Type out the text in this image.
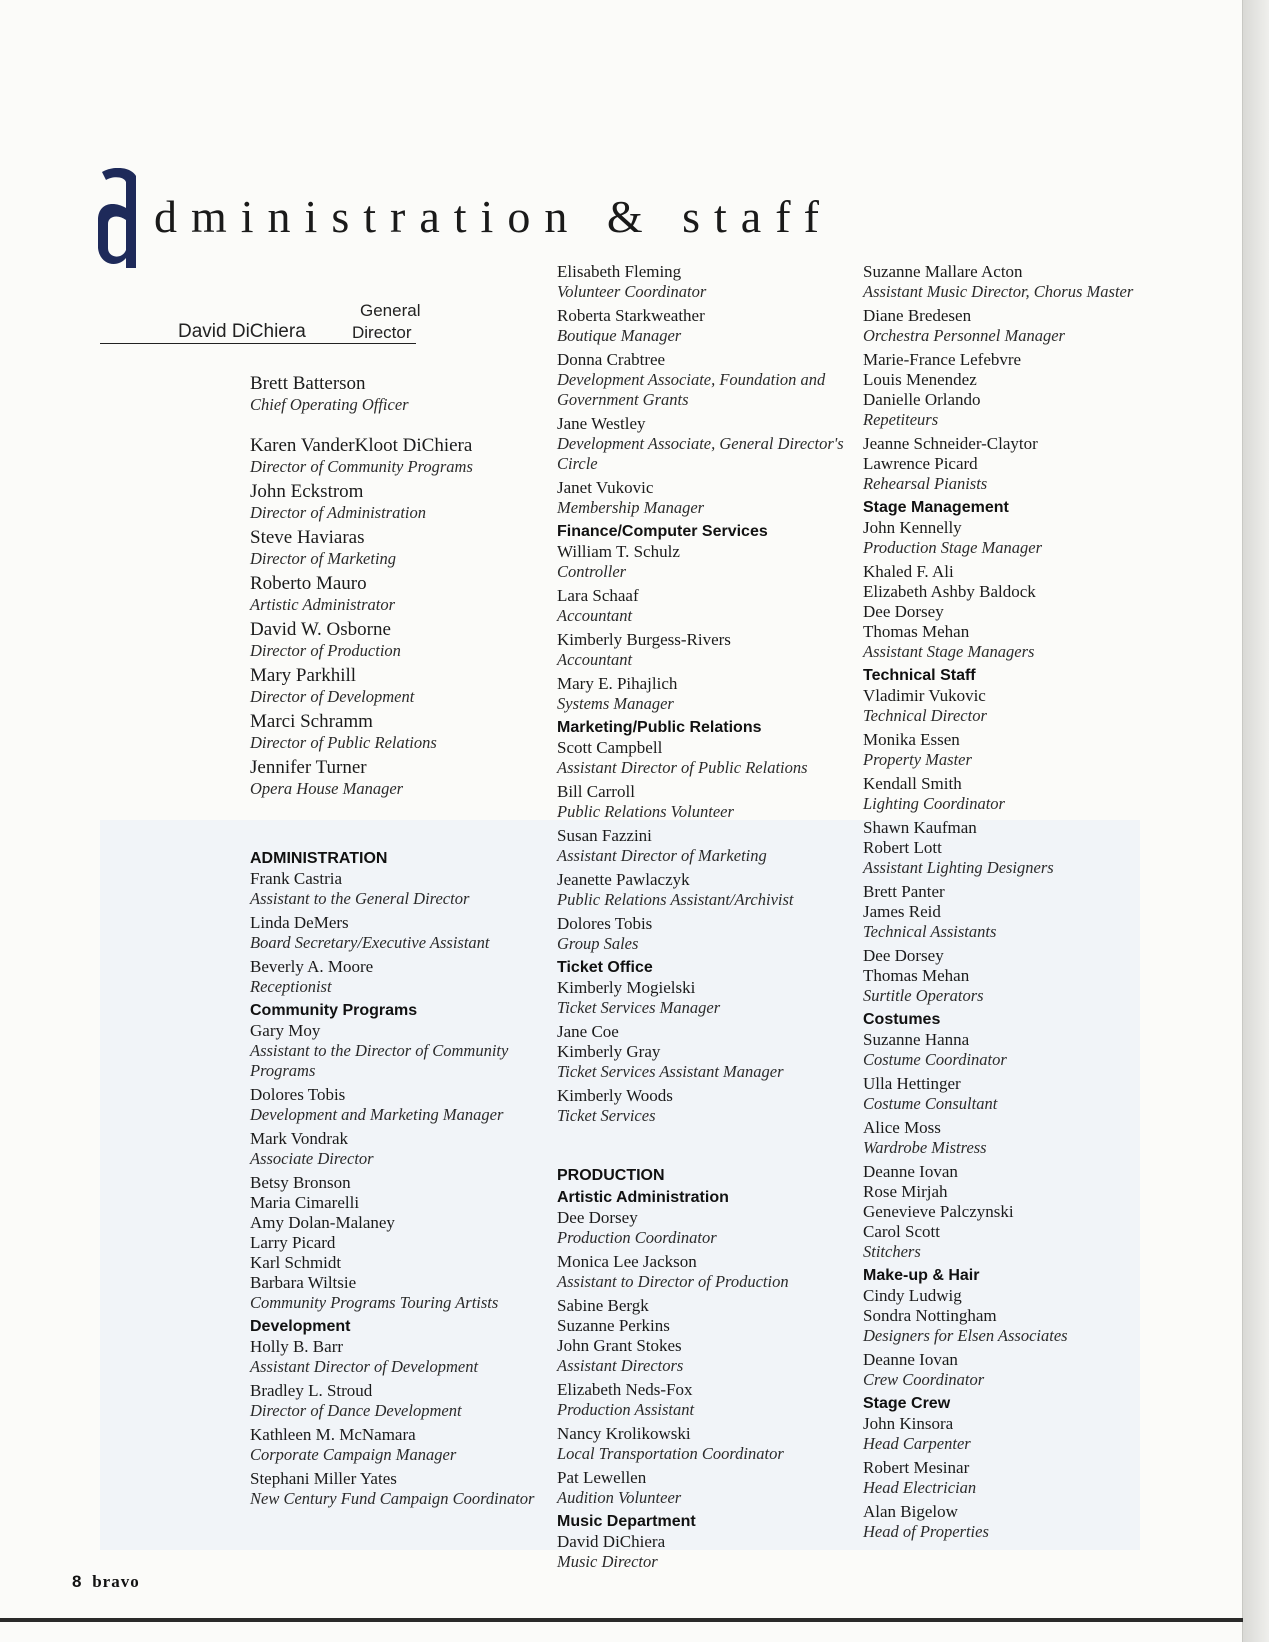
dministration & staff
General
Director
David DiChiera
Brett Batterson
Chief Operating Officer
Karen VanderKloot DiChiera
Director of Community Programs
John Eckstrom
Director of Administration
Steve Haviaras
Director of Marketing
Roberto Mauro
Artistic Administrator
David W. Osborne
Director of Production
Mary Parkhill
Director of Development
Marci Schramm
Director of Public Relations
Jennifer Turner
Opera House Manager
ADMINISTRATION
Frank Castria
Assistant to the General Director
Linda DeMers
Board Secretary/Executive Assistant
Beverly A. Moore
Receptionist
Community Programs
Gary Moy
Assistant to the Director of Community Programs
Dolores Tobis
Development and Marketing Manager
Mark Vondrak
Associate Director
Betsy Bronson
Maria Cimarelli
Amy Dolan-Malaney
Larry Picard
Karl Schmidt
Barbara Wiltsie
Community Programs Touring Artists
Development
Holly B. Barr
Assistant Director of Development
Bradley L. Stroud
Director of Dance Development
Kathleen M. McNamara
Corporate Campaign Manager
Stephani Miller Yates
New Century Fund Campaign Coordinator
Elisabeth Fleming
Volunteer Coordinator
Roberta Starkweather
Boutique Manager
Donna Crabtree
Development Associate, Foundation and Government Grants
Jane Westley
Development Associate, General Director's Circle
Janet Vukovic
Membership Manager
Finance/Computer Services
William T. Schulz
Controller
Lara Schaaf
Accountant
Kimberly Burgess-Rivers
Accountant
Mary E. Pihajlich
Systems Manager
Marketing/Public Relations
Scott Campbell
Assistant Director of Public Relations
Bill Carroll
Public Relations Volunteer
Susan Fazzini
Assistant Director of Marketing
Jeanette Pawlaczyk
Public Relations Assistant/Archivist
Dolores Tobis
Group Sales
Ticket Office
Kimberly Mogielski
Ticket Services Manager
Jane Coe
Kimberly Gray
Ticket Services Assistant Manager
Kimberly Woods
Ticket Services
PRODUCTION
Artistic Administration
Dee Dorsey
Production Coordinator
Monica Lee Jackson
Assistant to Director of Production
Sabine Bergk
Suzanne Perkins
John Grant Stokes
Assistant Directors
Elizabeth Neds-Fox
Production Assistant
Nancy Krolikowski
Local Transportation Coordinator
Pat Lewellen
Audition Volunteer
Music Department
David DiChiera
Music Director
Suzanne Mallare Acton
Assistant Music Director, Chorus Master
Diane Bredesen
Orchestra Personnel Manager
Marie-France Lefebvre
Louis Menendez
Danielle Orlando
Repetiteurs
Jeanne Schneider-Claytor
Lawrence Picard
Rehearsal Pianists
Stage Management
John Kennelly
Production Stage Manager
Khaled F. Ali
Elizabeth Ashby Baldock
Dee Dorsey
Thomas Mehan
Assistant Stage Managers
Technical Staff
Vladimir Vukovic
Technical Director
Monika Essen
Property Master
Kendall Smith
Lighting Coordinator
Shawn Kaufman
Robert Lott
Assistant Lighting Designers
Brett Panter
James Reid
Technical Assistants
Dee Dorsey
Thomas Mehan
Surtitle Operators
Costumes
Suzanne Hanna
Costume Coordinator
Ulla Hettinger
Costume Consultant
Alice Moss
Wardrobe Mistress
Deanne Iovan
Rose Mirjah
Genevieve Palczynski
Carol Scott
Stitchers
Make-up & Hair
Cindy Ludwig
Sondra Nottingham
Designers for Elsen Associates
Deanne Iovan
Crew Coordinator
Stage Crew
John Kinsora
Head Carpenter
Robert Mesinar
Head Electrician
Alan Bigelow
Head of Properties
8 bravo
